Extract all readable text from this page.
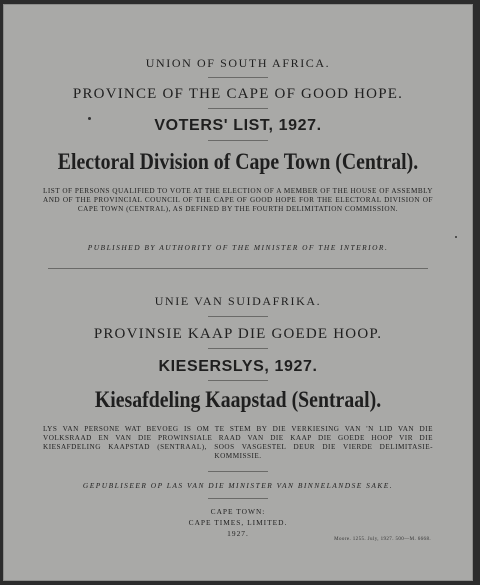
UNION OF SOUTH AFRICA.
PROVINCE OF THE CAPE OF GOOD HOPE.
VOTERS' LIST, 1927.
Electoral Division of Cape Town (Central).
LIST OF PERSONS QUALIFIED TO VOTE AT THE ELECTION OF A MEMBER OF THE HOUSE OF ASSEMBLY AND OF THE PROVINCIAL COUNCIL OF THE CAPE OF GOOD HOPE FOR THE ELECTORAL DIVISION OF CAPE TOWN (CENTRAL), AS DEFINED BY THE FOURTH DELIMITATION COMMISSION.
PUBLISHED BY AUTHORITY OF THE MINISTER OF THE INTERIOR.
UNIE VAN SUIDAFRIKA.
PROVINSIE KAAP DIE GOEDE HOOP.
KIESERSLYS, 1927.
Kiesafdeling Kaapstad (Sentraal).
LYS VAN PERSONE WAT BEVOEG IS OM TE STEM BY DIE VERKIESING VAN 'N LID VAN DIE VOLKSRAAD EN VAN DIE PROWINSIALE RAAD VAN DIE KAAP DIE GOEDE HOOP VIR DIE KIESAFDELING KAAPSTAD (SENTRAAL), SOOS VASGESTEL DEUR DIE VIERDE DELIMITASIE-KOMMISSIE.
GEPUBLISEER OP LAS VAN DIE MINISTER VAN BINNELANDSE SAKE.
CAPE TOWN:
CAPE TIMES, LIMITED.
1927.
Moore. 1255. July, 1927. 500—M. 6668.
